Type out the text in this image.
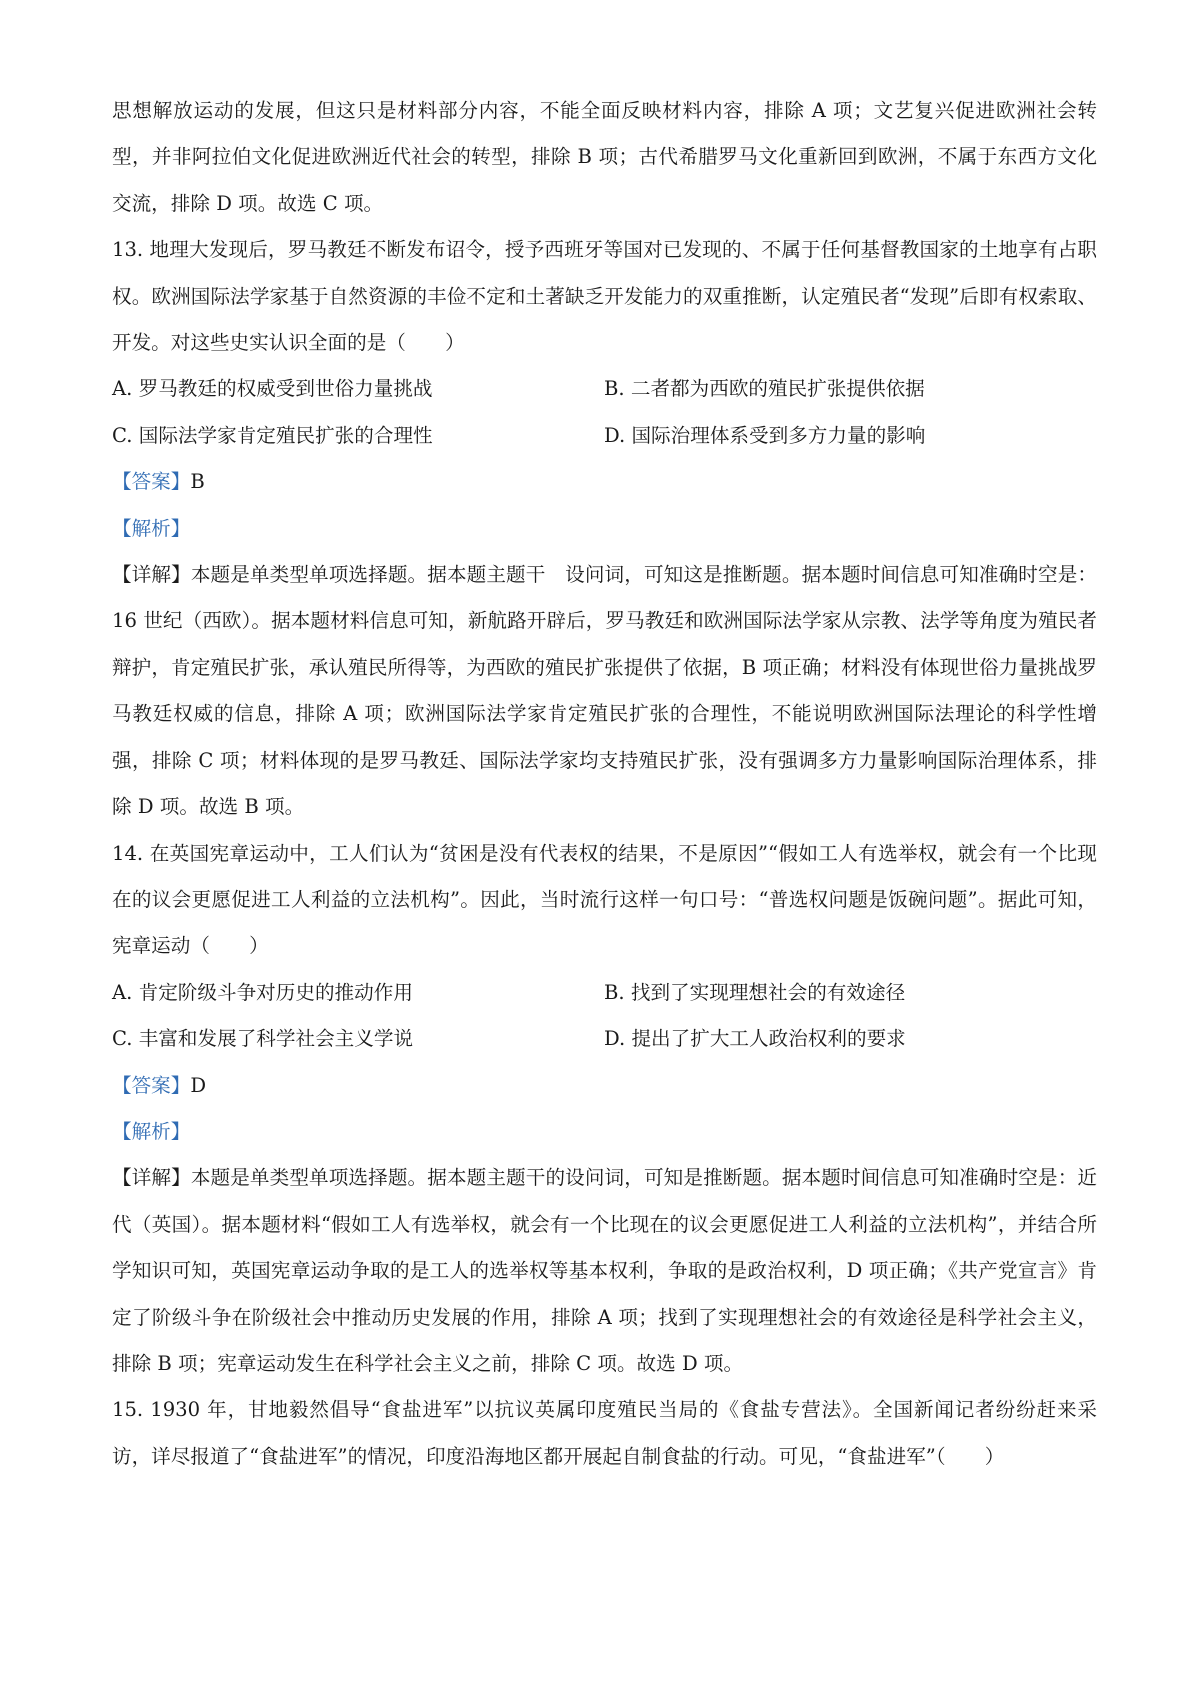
思想解放运动的发展，但这只是材料部分内容，不能全面反映材料内容，排除 A 项；文艺复兴促进欧洲社会转型，并非阿拉伯文化促进欧洲近代社会的转型，排除 B 项；古代希腊罗马文化重新回到欧洲，不属于东西方文化交流，排除 D 项。故选 C 项。

13. 地理大发现后，罗马教廷不断发布诏令，授予西班牙等国对已发现的、不属于任何基督教国家的土地享有占职权。欧洲国际法学家基于自然资源的丰俭不定和土著缺乏开发能力的双重推断，认定殖民者“发现”后即有权索取、开发。对这些史实认识全面的是（　　）

A. 罗马教廷的权威受到世俗力量挑战	B. 二者都为西欧的殖民扩张提供依据
C. 国际法学家肯定殖民扩张的合理性	D. 国际治理体系受到多方力量的影响

【答案】B

【解析】

【详解】本题是单类型单项选择题。据本题主题干　设问词，可知这是推断题。据本题时间信息可知准确时空是：16 世纪（西欧）。据本题材料信息可知，新航路开辟后，罗马教廷和欧洲国际法学家从宗教、法学等角度为殖民者辩护，肯定殖民扩张，承认殖民所得等，为西欧的殖民扩张提供了依据，B 项正确；材料没有体现世俗力量挑战罗马教廷权威的信息，排除 A 项；欧洲国际法学家肯定殖民扩张的合理性，不能说明欧洲国际法理论的科学性增强，排除 C 项；材料体现的是罗马教廷、国际法学家均支持殖民扩张，没有强调多方力量影响国际治理体系，排除 D 项。故选 B 项。

14. 在英国宪章运动中，工人们认为“贫困是没有代表权的结果，不是原因”“假如工人有选举权，就会有一个比现在的议会更愿促进工人利益的立法机构”。因此，当时流行这样一句口号：“普选权问题是饭碗问题”。据此可知，宪章运动（　　）

A. 肯定阶级斗争对历史的推动作用	B. 找到了实现理想社会的有效途径
C. 丰富和发展了科学社会主义学说	D. 提出了扩大工人政治权利的要求

【答案】D

【解析】

【详解】本题是单类型单项选择题。据本题主题干的设问词，可知是推断题。据本题时间信息可知准确时空是：近代（英国）。据本题材料“假如工人有选举权，就会有一个比现在的议会更愿促进工人利益的立法机构”，并结合所学知识可知，英国宪章运动争取的是工人的选举权等基本权利，争取的是政治权利，D 项正确；《共产党宣言》肯定了阶级斗争在阶级社会中推动历史发展的作用，排除 A 项；找到了实现理想社会的有效途径是科学社会主义，排除 B 项；宪章运动发生在科学社会主义之前，排除 C 项。故选 D 项。

15. 1930 年，甘地毅然倡导“食盐进军”以抗议英属印度殖民当局的《食盐专营法》。全国新闻记者纷纷赶来采访，详尽报道了“食盐进军”的情况，印度沿海地区都开展起自制食盐的行动。可见，“食盐进军”（　　）
